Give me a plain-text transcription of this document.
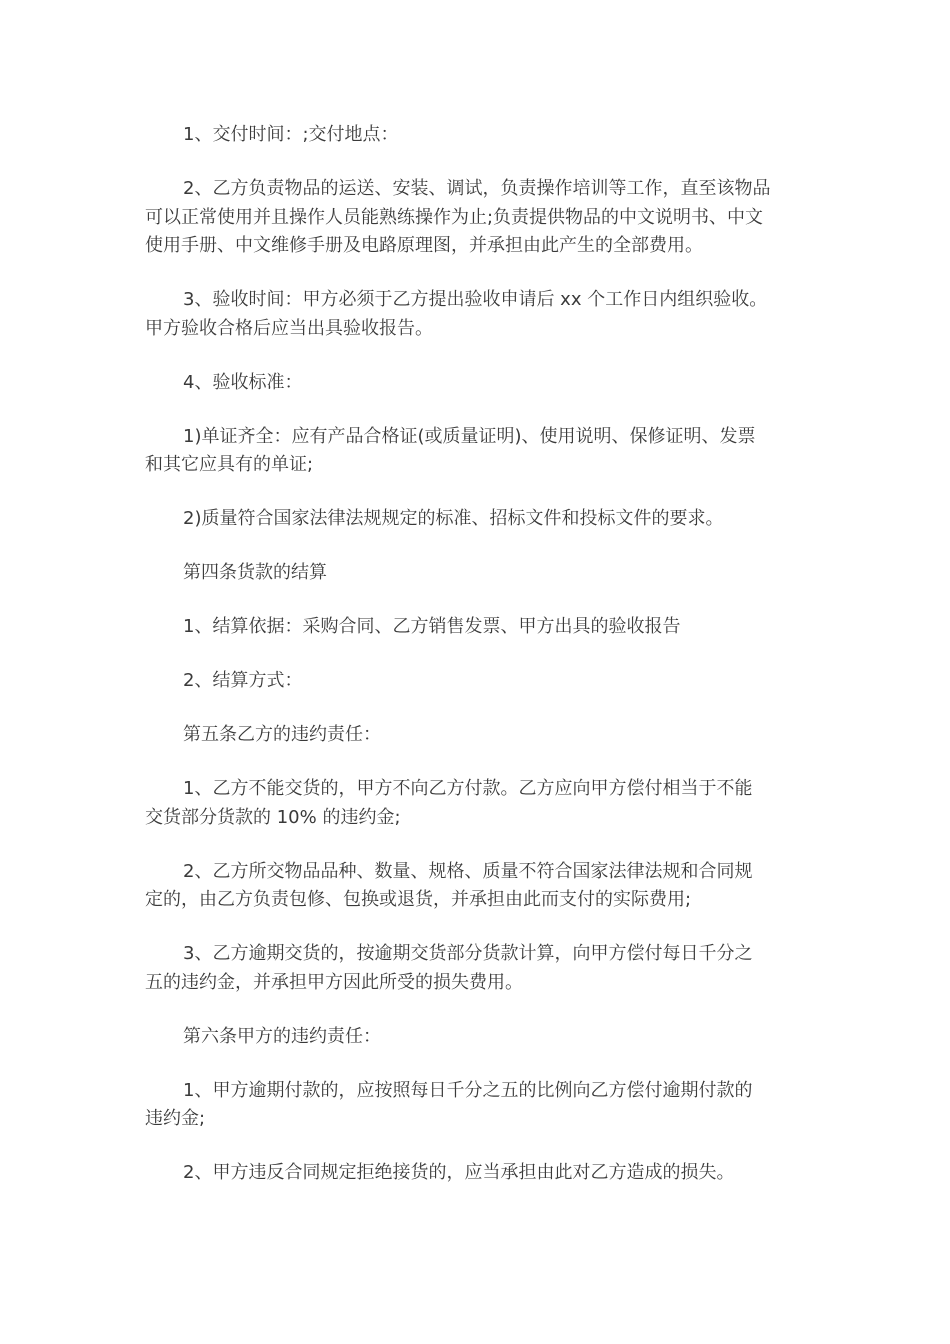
1、交付时间：;交付地点：
2、乙方负责物品的运送、安装、调试，负责操作培训等工作，直至该物品
可以正常使用并且操作人员能熟练操作为止;负责提供物品的中文说明书、中文
使用手册、中文维修手册及电路原理图，并承担由此产生的全部费用。
3、验收时间：甲方必须于乙方提出验收申请后 xx 个工作日内组织验收。
甲方验收合格后应当出具验收报告。
4、验收标准：
1)单证齐全：应有产品合格证(或质量证明)、使用说明、保修证明、发票
和其它应具有的单证;
2)质量符合国家法律法规规定的标准、招标文件和投标文件的要求。
第四条货款的结算
1、结算依据：采购合同、乙方销售发票、甲方出具的验收报告
2、结算方式：
第五条乙方的违约责任：
1、乙方不能交货的，甲方不向乙方付款。乙方应向甲方偿付相当于不能
交货部分货款的 10% 的违约金;
2、乙方所交物品品种、数量、规格、质量不符合国家法律法规和合同规
定的，由乙方负责包修、包换或退货，并承担由此而支付的实际费用;
3、乙方逾期交货的，按逾期交货部分货款计算，向甲方偿付每日千分之
五的违约金，并承担甲方因此所受的损失费用。
第六条甲方的违约责任：
1、甲方逾期付款的，应按照每日千分之五的比例向乙方偿付逾期付款的
违约金;
2、甲方违反合同规定拒绝接货的，应当承担由此对乙方造成的损失。
